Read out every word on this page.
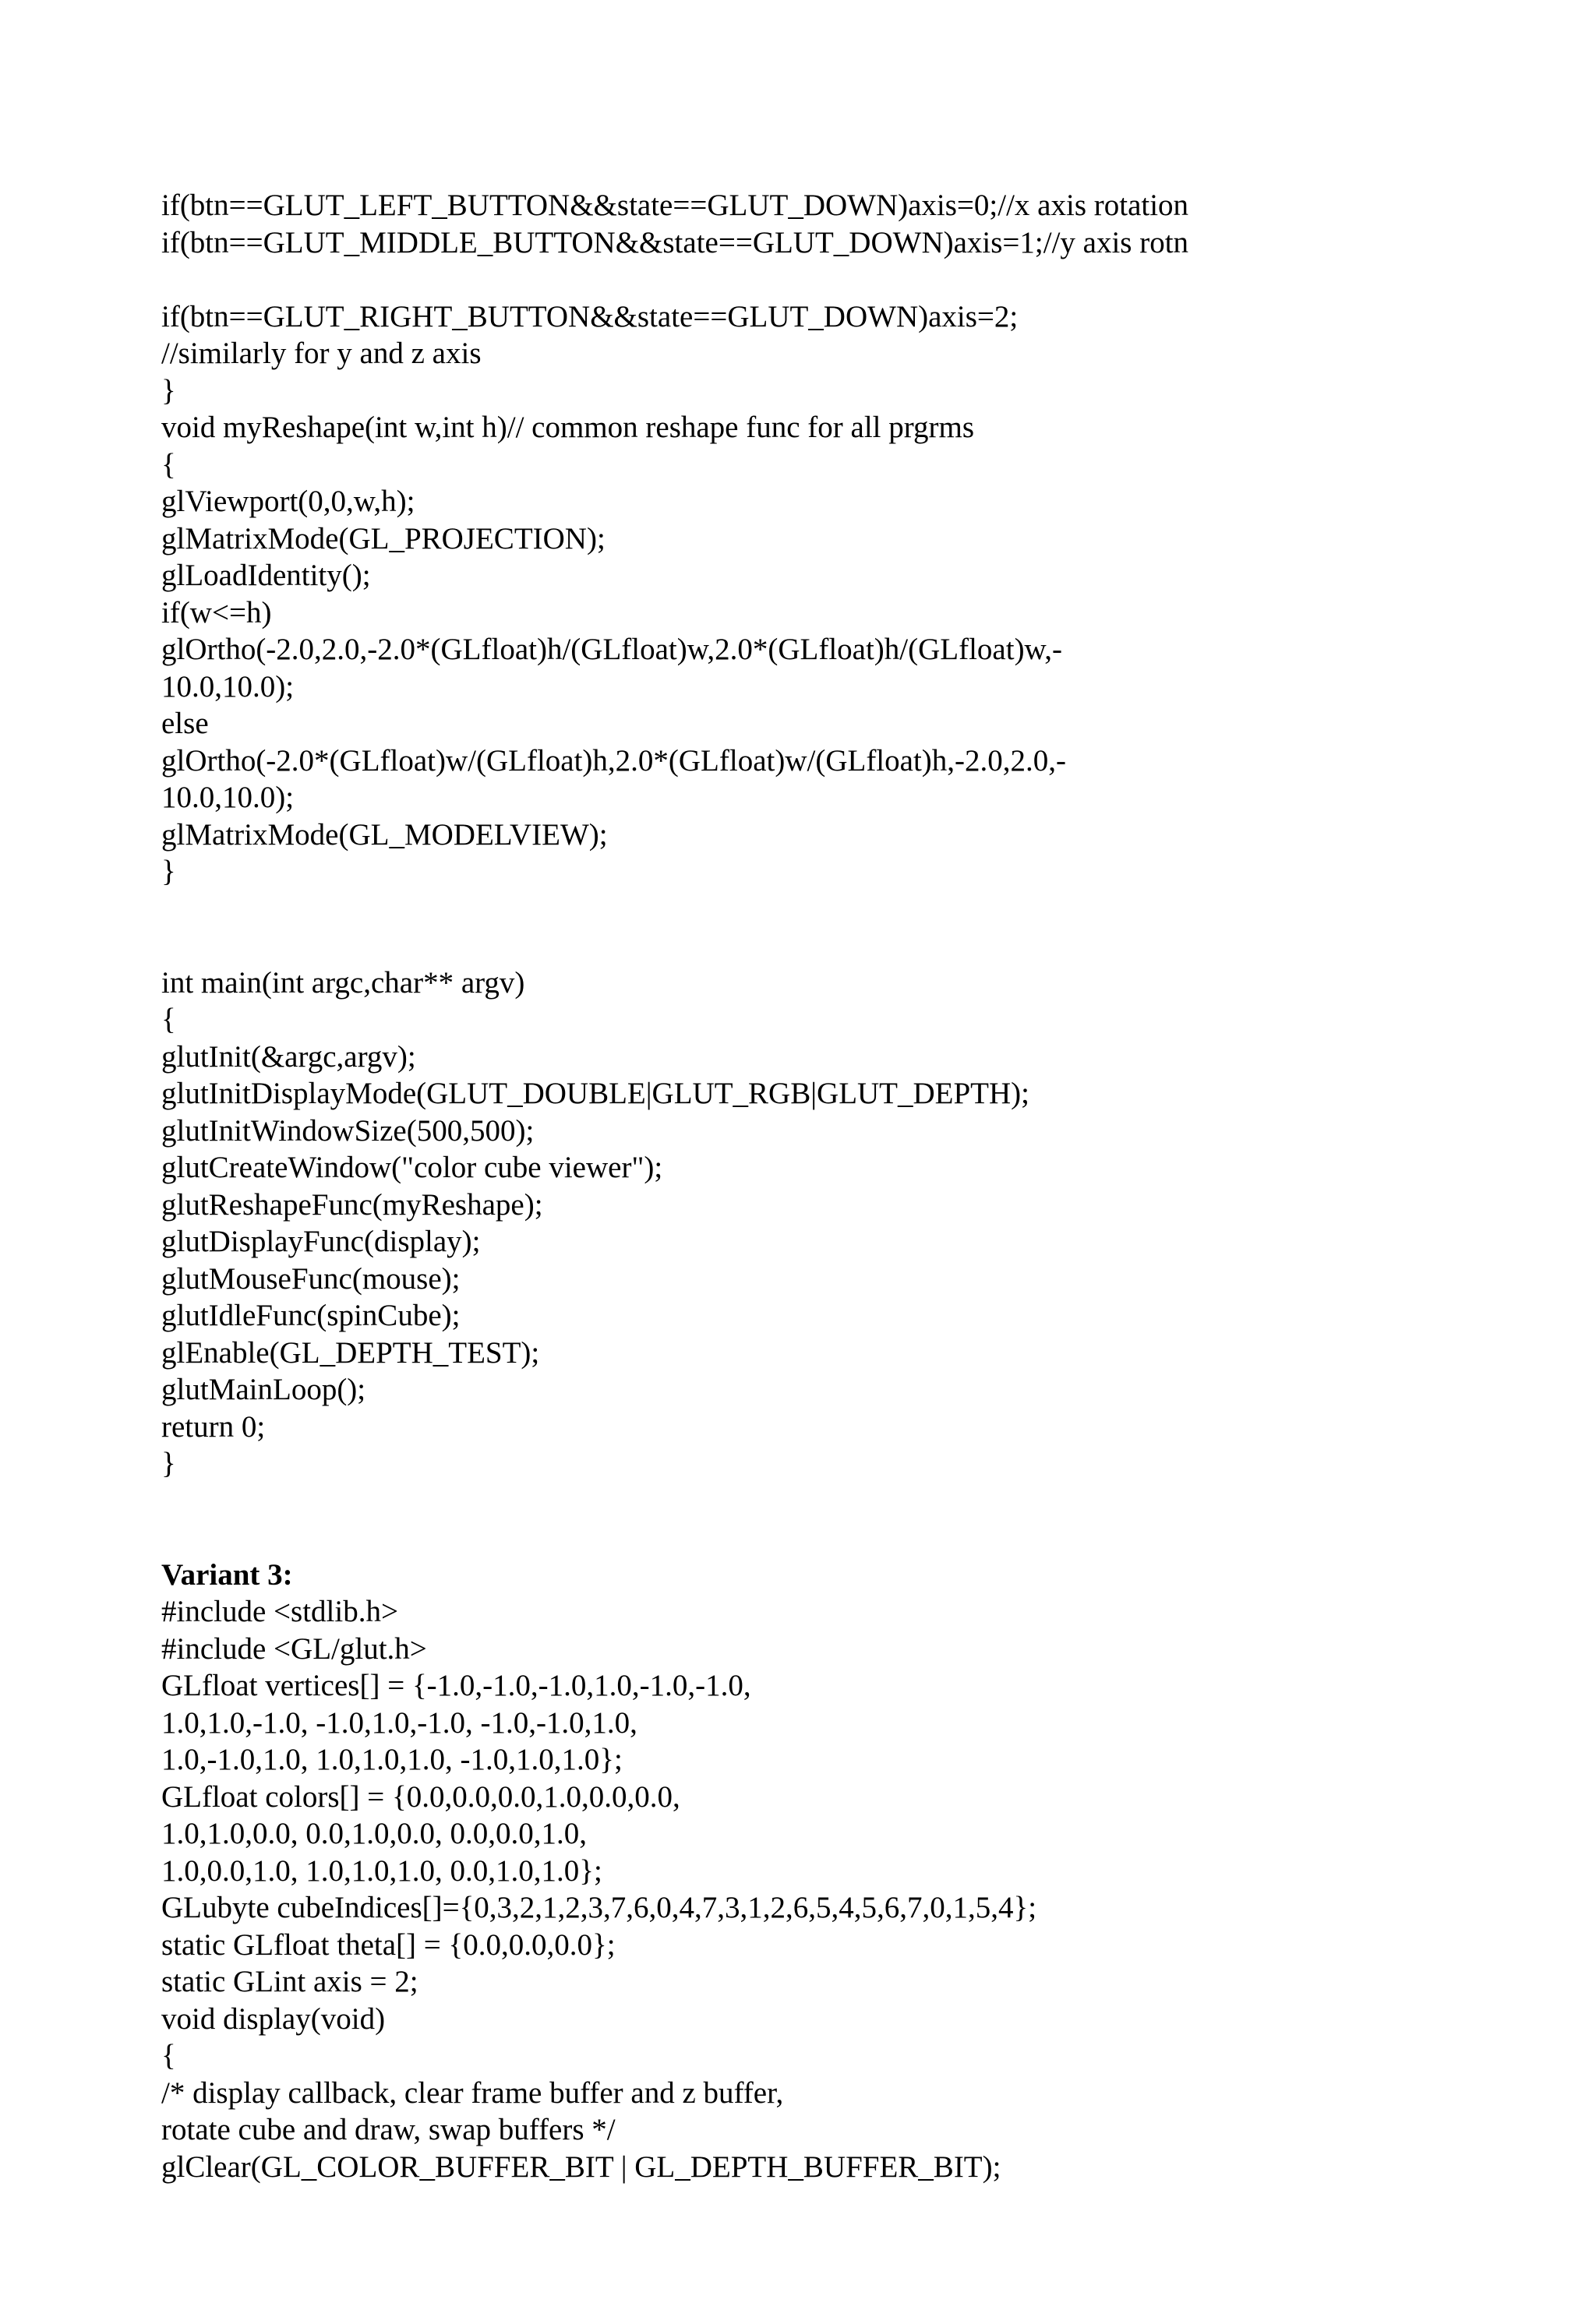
if(btn==GLUT_LEFT_BUTTON&&state==GLUT_DOWN)axis=0;//x axis rotation
if(btn==GLUT_MIDDLE_BUTTON&&state==GLUT_DOWN)axis=1;//y axis rotn
if(btn==GLUT_RIGHT_BUTTON&&state==GLUT_DOWN)axis=2;
//similarly for y and z axis
}
void myReshape(int w,int h)// common reshape func for all prgrms
{
glViewport(0,0,w,h);
glMatrixMode(GL_PROJECTION);
glLoadIdentity();
if(w<=h)
glOrtho(-2.0,2.0,-2.0*(GLfloat)h/(GLfloat)w,2.0*(GLfloat)h/(GLfloat)w,-
10.0,10.0);
else
glOrtho(-2.0*(GLfloat)w/(GLfloat)h,2.0*(GLfloat)w/(GLfloat)h,-2.0,2.0,-
10.0,10.0);
glMatrixMode(GL_MODELVIEW);
}
int main(int argc,char** argv)
{
glutInit(&argc,argv);
glutInitDisplayMode(GLUT_DOUBLE|GLUT_RGB|GLUT_DEPTH);
glutInitWindowSize(500,500);
glutCreateWindow("color cube viewer");
glutReshapeFunc(myReshape);
glutDisplayFunc(display);
glutMouseFunc(mouse);
glutIdleFunc(spinCube);
glEnable(GL_DEPTH_TEST);
glutMainLoop();
return 0;
}
Variant 3:
#include <stdlib.h>
#include <GL/glut.h>
GLfloat vertices[] = {-1.0,-1.0,-1.0,1.0,-1.0,-1.0,
1.0,1.0,-1.0, -1.0,1.0,-1.0, -1.0,-1.0,1.0,
1.0,-1.0,1.0, 1.0,1.0,1.0, -1.0,1.0,1.0};
GLfloat colors[] = {0.0,0.0,0.0,1.0,0.0,0.0,
1.0,1.0,0.0, 0.0,1.0,0.0, 0.0,0.0,1.0,
1.0,0.0,1.0, 1.0,1.0,1.0, 0.0,1.0,1.0};
GLubyte cubeIndices[]={0,3,2,1,2,3,7,6,0,4,7,3,1,2,6,5,4,5,6,7,0,1,5,4};
static GLfloat theta[] = {0.0,0.0,0.0};
static GLint axis = 2;
void display(void)
{
/* display callback, clear frame buffer and z buffer,
rotate cube and draw, swap buffers */
glClear(GL_COLOR_BUFFER_BIT | GL_DEPTH_BUFFER_BIT);
